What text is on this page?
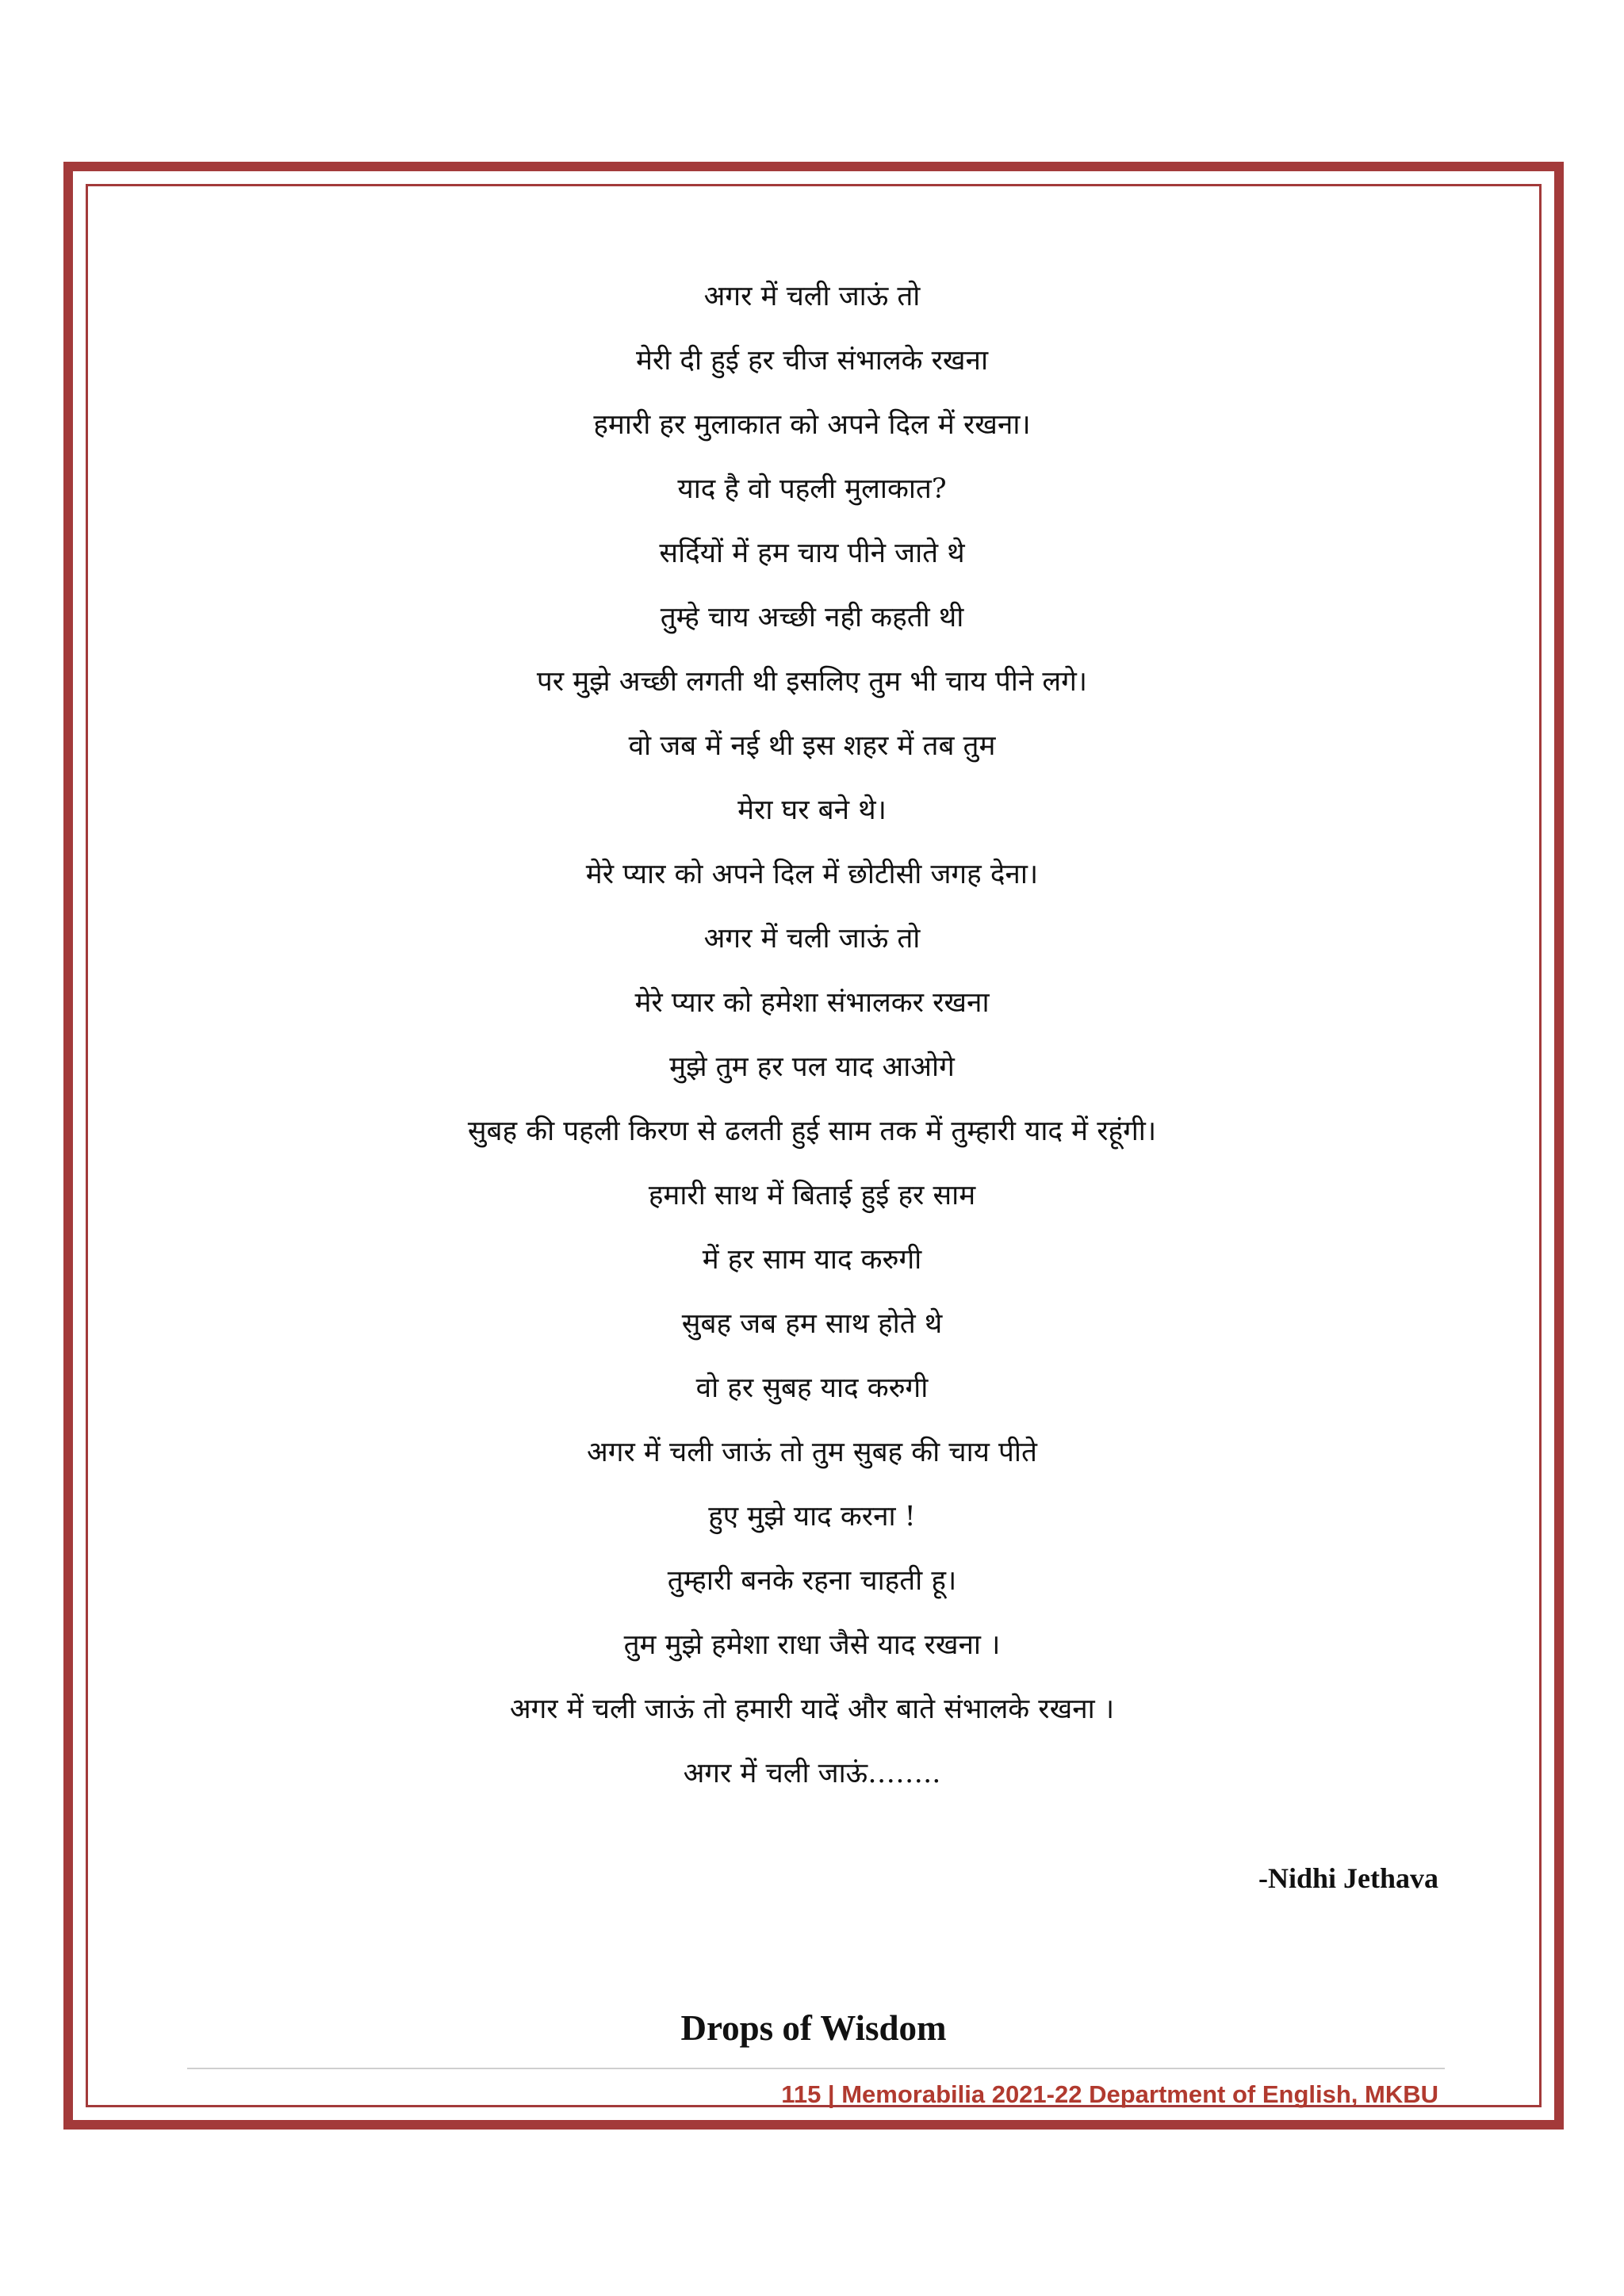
अगर में चली जाऊं तो
मेरी दी हुई हर चीज संभालके रखना
हमारी हर मुलाकात को अपने दिल में रखना।
याद है वो पहली मुलाकात?
सर्दियों में हम चाय पीने जाते थे
तुम्हे चाय अच्छी नही कहती थी
पर मुझे अच्छी लगती थी इसलिए तुम भी चाय पीने लगे।
वो जब में नई थी इस शहर में तब तुम
मेरा घर बने थे।
मेरे प्यार को अपने दिल में छोटीसी जगह देना।
अगर में चली जाऊं तो
मेरे प्यार को हमेशा संभालकर रखना
मुझे तुम हर पल याद आओगे
सुबह की पहली किरण से ढलती हुई साम तक में तुम्हारी याद में रहूंगी।
हमारी साथ में बिताई हुई हर साम
में हर साम याद करुगी
सुबह जब हम साथ होते थे
वो हर सुबह याद करुगी
अगर में चली जाऊं तो तुम सुबह की चाय पीते
हुए मुझे याद करना !
तुम्हारी बनके रहना चाहती हू।
तुम मुझे हमेशा राधा जैसे याद रखना ।
अगर में चली जाऊं तो हमारी यादें और बाते संभालके रखना ।
अगर में चली जाऊं……..
-Nidhi Jethava
Drops of Wisdom
115 | Memorabilia 2021-22 Department of English, MKBU
